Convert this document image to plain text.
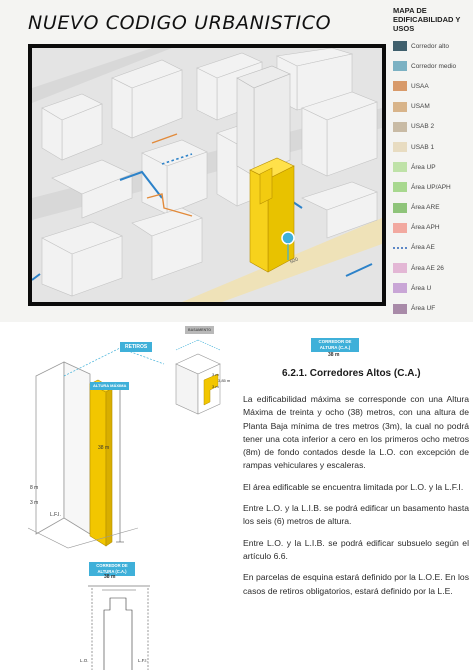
NUEVO CODIGO URBANISTICO
500
MAPA DE EDIFICABILIDAD Y USOS
Corredor alto
Corredor medio
USAA
USAM
USAB 2
USAB 1
Área UP
Área UP/APH
Área ARE
Área APH
Área AE
Área AE 26
Área U
Área UF
ALTURA MÁXIMA
38 m
8 m
3 m
L.F.I.
RETIROS
BASAMENTO
3 m
3,85 m
3 m
CORREDOR DE ALTURA (C.A.)
38 m
CORREDOR DE ALTURA (C.A.)
38 m
L.O.	L.F.I.
6.2.1. Corredores Altos (C.A.)

La edificabilidad máxima se corresponde con una Altura Máxima de treinta y ocho (38) metros, con una altura de Planta Baja mínima de tres metros (3m), la cual no podrá tener una cota inferior a cero en los primeros ocho metros (8m) de fondo contados desde la L.O. con excepción de rampas vehiculares y escaleras.

El área edificable se encuentra limitada por L.O. y la L.F.I.

Entre L.O. y la L.I.B. se podrá edificar un basamento hasta los seis (6) metros de altura.

Entre L.O. y la L.I.B. se podrá edificar subsuelo según el artículo 6.6.

En parcelas de esquina estará definido por la L.O.E. En los casos de retiros obligatorios, estará definido por la L.E.
